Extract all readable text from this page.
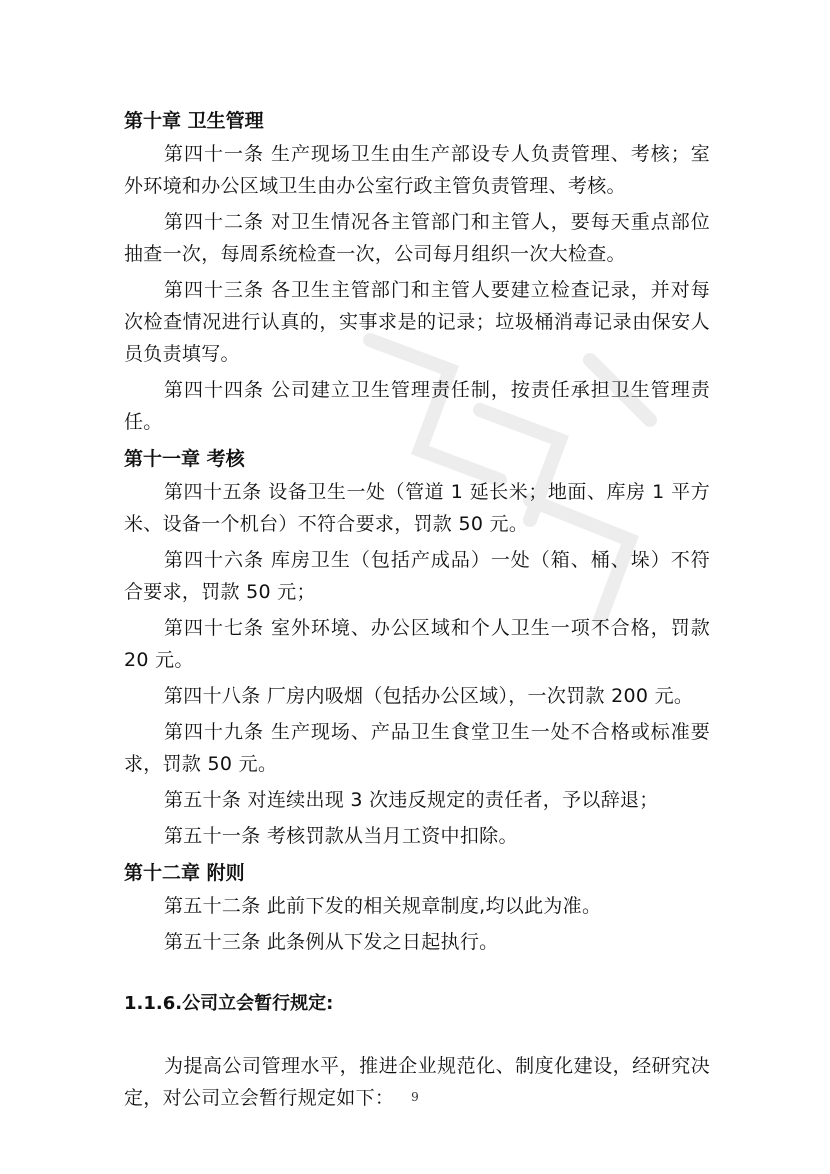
第十章 卫生管理

第四十一条 生产现场卫生由生产部设专人负责管理、考核；室外环境和办公区域卫生由办公室行政主管负责管理、考核。

第四十二条 对卫生情况各主管部门和主管人，要每天重点部位抽查一次，每周系统检查一次，公司每月组织一次大检查。

第四十三条 各卫生主管部门和主管人要建立检查记录，并对每次检查情况进行认真的，实事求是的记录；垃圾桶消毒记录由保安人员负责填写。

第四十四条 公司建立卫生管理责任制，按责任承担卫生管理责任。

第十一章 考核

第四十五条 设备卫生一处（管道 1 延长米；地面、库房 1 平方米、设备一个机台）不符合要求，罚款 50 元。

第四十六条 库房卫生（包括产成品）一处（箱、桶、垛）不符合要求，罚款 50 元；

第四十七条 室外环境、办公区域和个人卫生一项不合格，罚款 20 元。

第四十八条 厂房内吸烟（包括办公区域），一次罚款 200 元。

第四十九条 生产现场、产品卫生食堂卫生一处不合格或标准要求，罚款 50 元。

第五十条 对连续出现 3 次违反规定的责任者，予以辞退；

第五十一条 考核罚款从当月工资中扣除。

第十二章 附则

第五十二条 此前下发的相关规章制度,均以此为准。

第五十三条 此条例从下发之日起执行。

1.1.6.公司立会暂行规定:

为提高公司管理水平，推进企业规范化、制度化建设，经研究决定，对公司立会暂行规定如下：	9
